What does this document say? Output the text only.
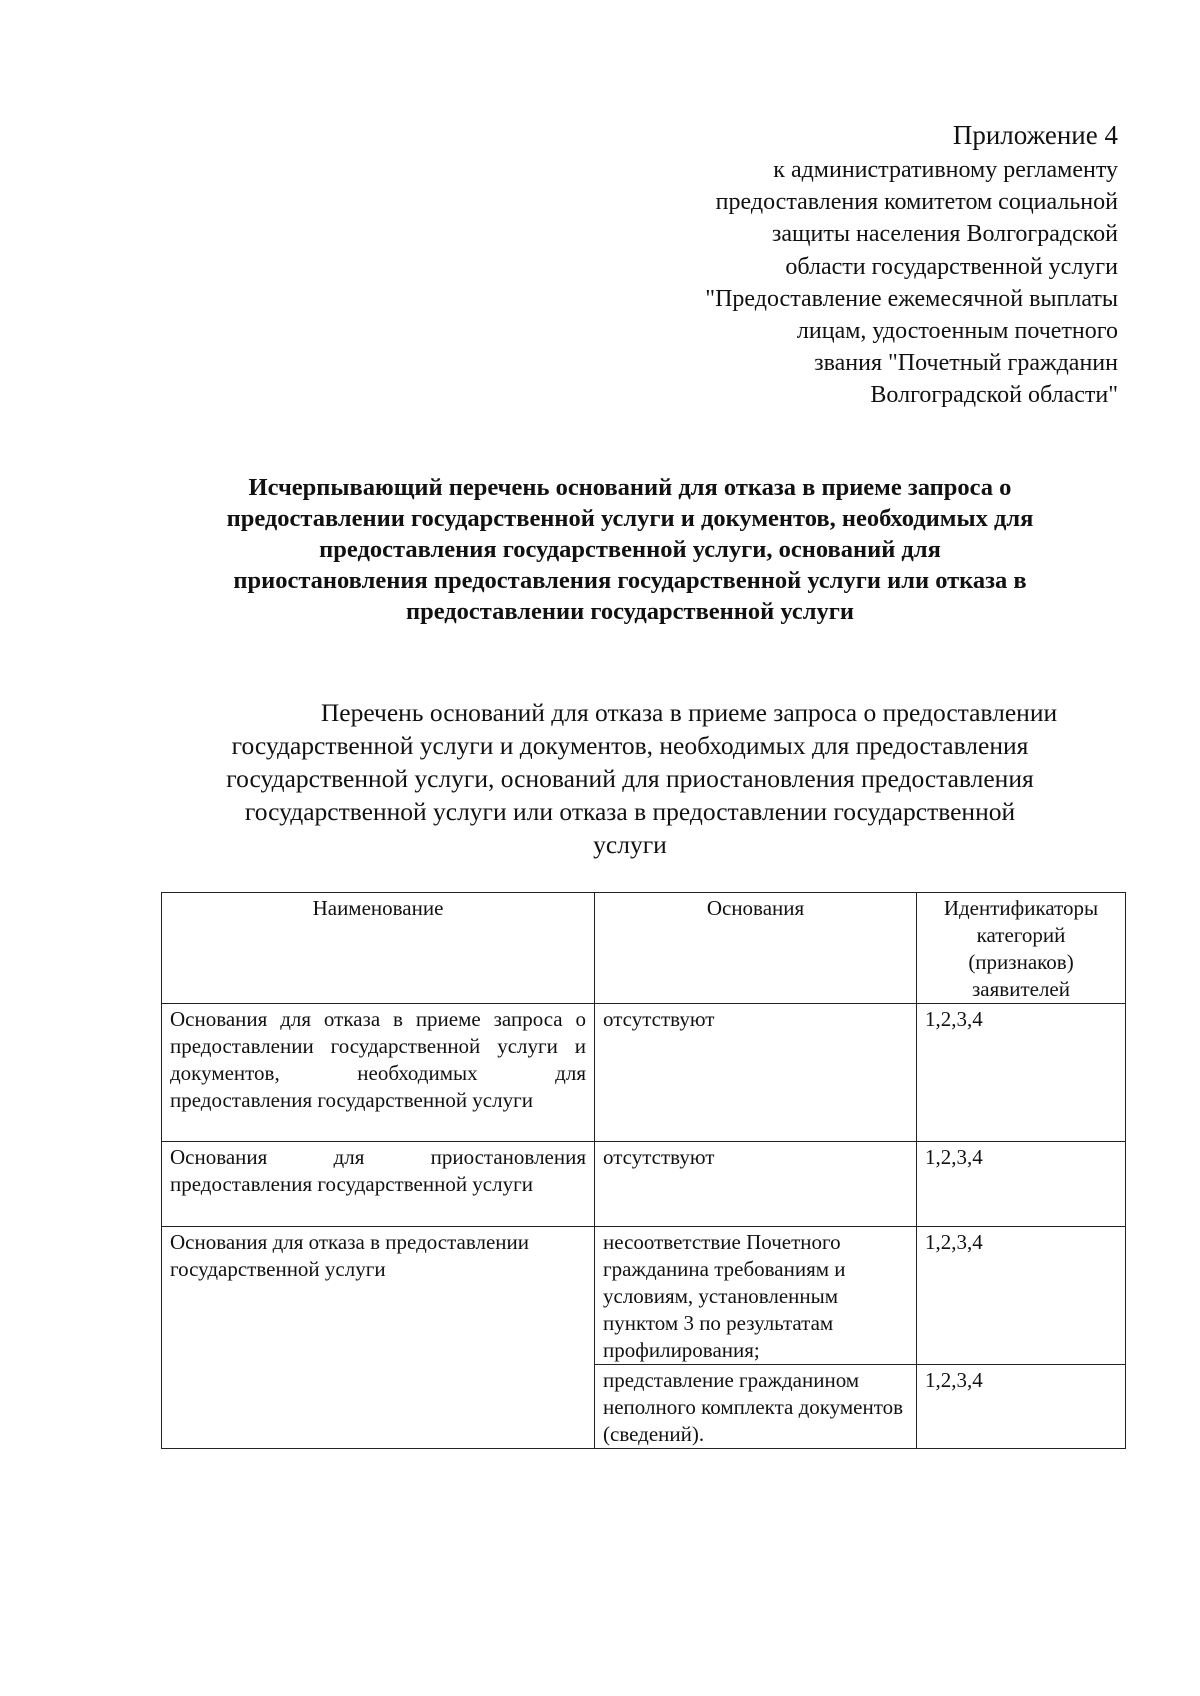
Приложение 4
к административному регламенту
предоставления комитетом социальной
защиты населения Волгоградской
области государственной услуги
"Предоставление ежемесячной выплаты
лицам, удостоенным почетного
звания "Почетный гражданин
Волгоградской области"
Исчерпывающий перечень оснований для отказа в приеме запроса о
предоставлении государственной услуги и документов, необходимых для
предоставления государственной услуги, оснований для
приостановления предоставления государственной услуги или отказа в
предоставлении государственной услуги
Перечень оснований для отказа в приеме запроса о предоставлении
государственной услуги и документов, необходимых для предоставления
государственной услуги, оснований для приостановления предоставления
государственной услуги или отказа в предоставлении государственной
услуги
Наименование	Основания	Идентификаторы категорий (признаков) заявителей
Основания для отказа в приеме запроса о предоставлении государственной услуги и документов, необходимых для предоставления государственной услуги	отсутствуют	1,2,3,4
Основания для приостановления предоставления государственной услуги	отсутствуют	1,2,3,4
Основания для отказа в предоставлении государственной услуги	несоответствие Почетного гражданина требованиям и условиям, установленным пунктом 3 по результатам профилирования;	1,2,3,4
	представление гражданином неполного комплекта документов (сведений).	1,2,3,4
